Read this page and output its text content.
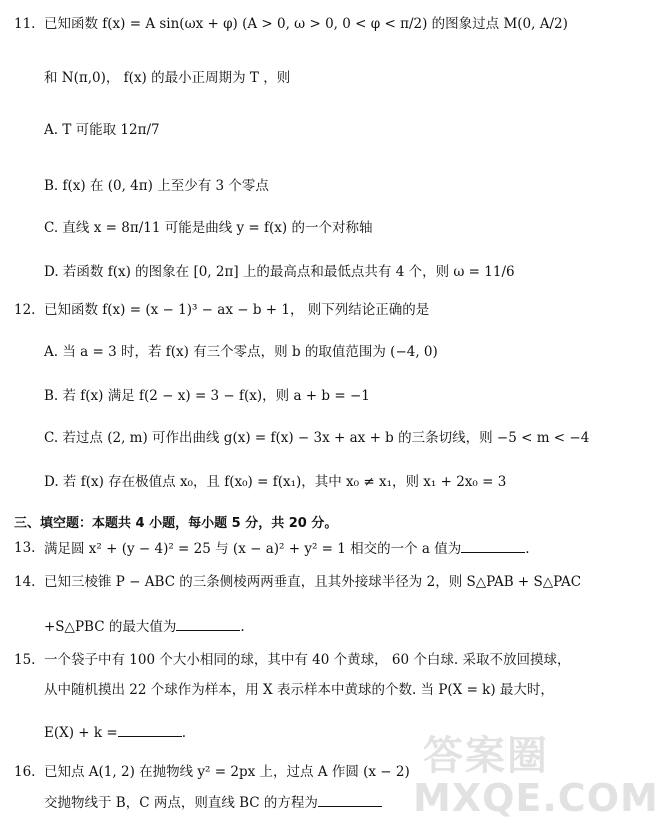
11. 已知函数 f(x) = A sin(ωx + φ) (A > 0, ω > 0, 0 < φ < π/2) 的图象过点 M(0, A/2)
和 N(π,0)， f(x) 的最小正周期为 T ，则
A. T 可能取 12π/7
B. f(x) 在 (0, 4π) 上至少有 3 个零点
C. 直线 x = 8π/11 可能是曲线 y = f(x) 的一个对称轴
D. 若函数 f(x) 的图象在 [0, 2π] 上的最高点和最低点共有 4 个，则 ω = 11/6
12. 已知函数 f(x) = (x − 1)³ − ax − b + 1， 则下列结论正确的是
A. 当 a = 3 时，若 f(x) 有三个零点，则 b 的取值范围为 (−4, 0)
B. 若 f(x) 满足 f(2 − x) = 3 − f(x)，则 a + b = −1
C. 若过点 (2, m) 可作出曲线 g(x) = f(x) − 3x + ax + b 的三条切线，则 −5 < m < −4
D. 若 f(x) 存在极值点 x₀，且 f(x₀) = f(x₁)，其中 x₀ ≠ x₁，则 x₁ + 2x₀ = 3
三、填空题：本题共 4 小题，每小题 5 分，共 20 分。
13. 满足圆 x² + (y − 4)² = 25 与 (x − a)² + y² = 1 相交的一个 a 值为	.
14. 已知三棱锥 P − ABC 的三条侧棱两两垂直，且其外接球半径为 2，则 S△PAB + S△PAC
+S△PBC 的最大值为	.
15. 一个袋子中有 100 个大小相同的球，其中有 40 个黄球， 60 个白球. 采取不放回摸球，
从中随机摸出 22 个球作为样本，用 X 表示样本中黄球的个数. 当 P(X = k) 最大时，
E(X) + k =	.
16. 已知点 A(1, 2) 在抛物线 y² = 2px 上，过点 A 作圆 (x − 2)
交抛物线于 B，C 两点，则直线 BC 的方程为
答案圈
MXQE.COM
